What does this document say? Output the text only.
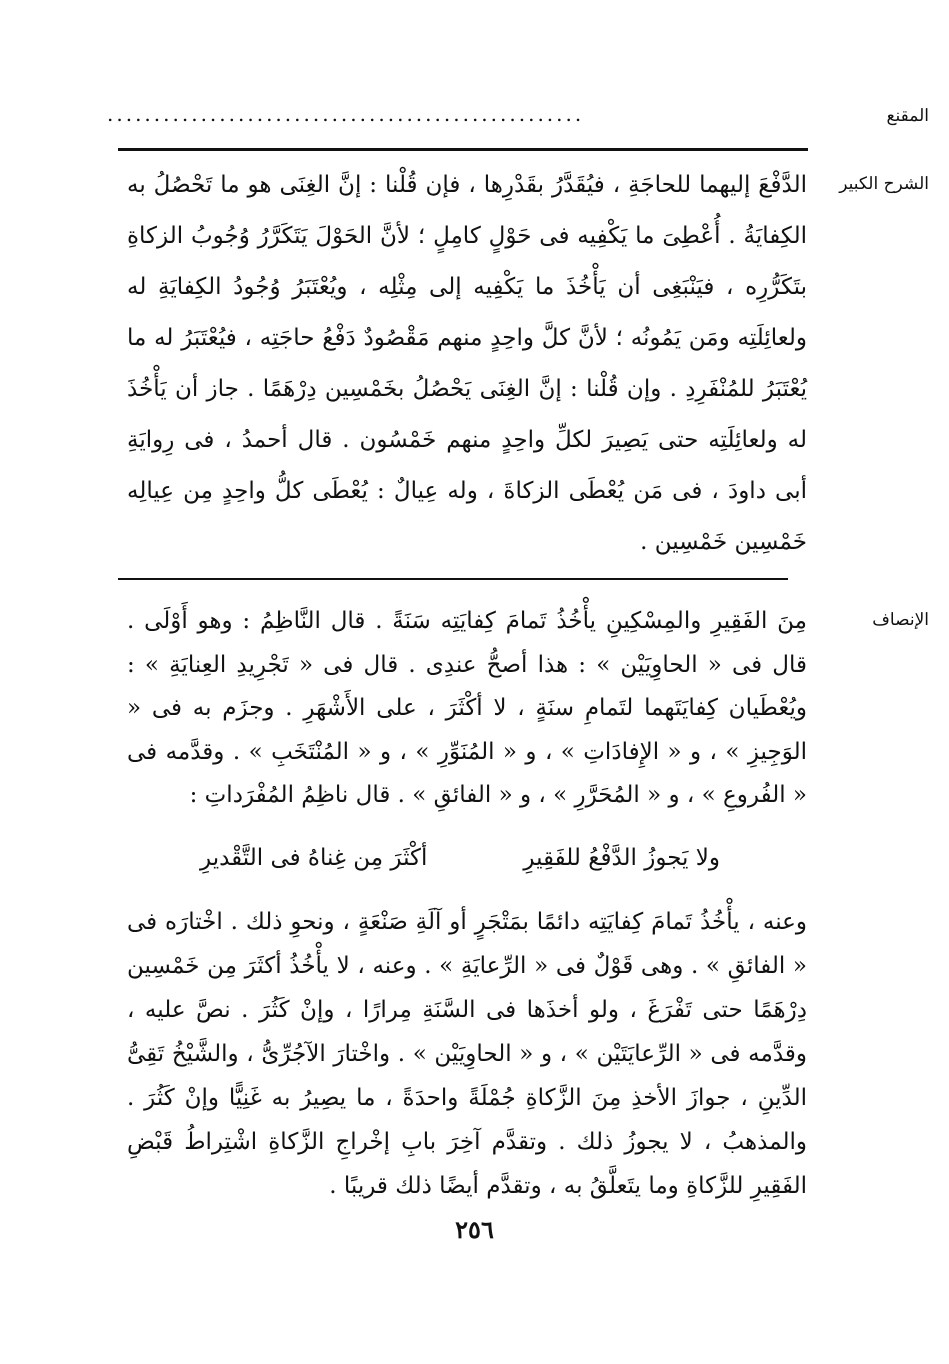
المقنع
...................................................
الشرح الكبير

الدَّفْعَ إليهما للحاجَةِ ، فيُقَدَّرُ بقَدْرِها ، فإن قُلْنا : إنَّ الغِنَى هو ما تَحْصُلُ به الكِفايَةُ . أُعْطِىَ ما يَكْفِيه فى حَوْلٍ كامِلٍ ؛ لأنَّ الحَوْلَ يَتَكَرَّرُ وُجُوبُ الزكاةِ بتَكَرُّرِه ، فيَنْبَغِى أن يَأْخُذَ ما يَكْفِيه إلى مِثْلِه ، ويُعْتَبَرُ وُجُودُ الكِفايَةِ له ولعائِلَتِه ومَن يَمُونُه ؛ لأنَّ كلَّ واحِدٍ منهم مَقْصُودٌ دَفْعُ حاجَتِه ، فيُعْتَبَرُ له ما يُعْتَبَرُ للمُنْفَرِدِ . وإن قُلْنا : إنَّ الغِنَى يَحْصُلُ بخَمْسِين دِرْهَمًا . جاز أن يَأْخُذَ له ولعائِلَتِه حتى يَصِيرَ لكلِّ واحِدٍ منهم خَمْسُون . قال أحمدُ ، فى رِوايَةِ أبى داودَ ، فى مَن يُعْطَى الزكاةَ ، وله عِيالٌ : يُعْطَى كلُّ واحِدٍ مِن عِيالِه خَمْسِين خَمْسِين .

الإنصاف

مِنَ الفَقِيرِ والمِسْكِينِ يأْخُذُ تَمامَ كِفايَتِه سَنَةً . قال النَّاظِمُ : وهو أَوْلَى . قال فى « الحاوِيَيْن » : هذا أصحُّ عندِى . قال فى « تَجْرِيدِ العِنايَةِ » : ويُعْطَيان كِفايَتَهما لتَمامِ سنَةٍ ، لا أكْثَرَ ، على الأَشْهَرِ . وجزَم به فى « الوَجِيزِ » ، و « الإِفادَاتِ » ، و « المُنَوِّرِ » ، و « المُنْتَخَبِ » . وقدَّمه فى « الفُروعِ » ، و « المُحَرَّرِ » ، و « الفائقِ » . قال ناظِمُ المُفْرَداتِ :

ولا يَجوزُ الدَّفْعُ للفَقِيرِ
أكْثَرَ مِن غِناهُ فى التَّقْديرِ

وعنه ، يأْخُذُ تَمامَ كِفايَتِه دائمًا بمَتْجَرٍ أو آلَةِ صَنْعَةٍ ، ونحوِ ذلك . اخْتارَه فى « الفائقِ » . وهى قَوْلٌ فى « الرِّعايَةِ » . وعنه ، لا يأْخُذُ أكثَرَ مِن خَمْسِين دِرْهَمًا حتى تَفْرَغَ ، ولو أخذَها فى السَّنَةِ مِرارًا ، وإنْ كَثُرَ . نصَّ عليه ، وقدَّمه فى « الرِّعايَتَيْن » ، و « الحاوِيَيْن » . واخْتارَ الآجُرِّىُّ ، والشَّيْخُ تَقِىُّ الدِّينِ ، جوازَ الأخذِ مِنَ الزَّكاةِ جُمْلَةً واحدَةً ، ما يصِيرُ به غَنِيًّا وإنْ كَثُرَ . والمذهبُ ، لا يجوزُ ذلك . وتقدَّم آخِرَ بابِ إخْراجِ الزَّكاةِ اشْتِراطُ قَبْضِ الفَقِيرِ للزَّكاةِ وما يتَعلَّقُ به ، وتقدَّم أيضًا ذلك قريبًا .

٢٥٦
